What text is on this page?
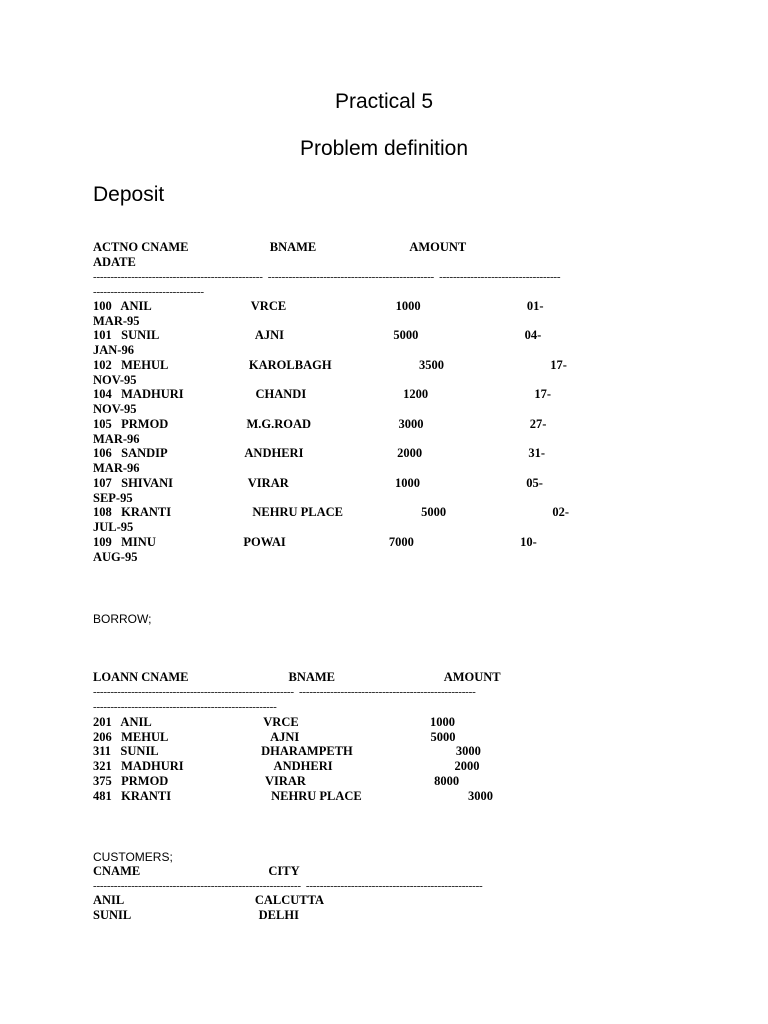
Practical 5
Problem definition
Deposit
ACTNO CNAME                          BNAME                              AMOUNT
ADATE
-------------------------------------------------  ------------------------------------------------  -----------------------------------
--------------------------------
100   ANIL                                VRCE                                   1000                                  01-
MAR-95
101   SUNIL                               AJNI                                   5000                                  04-
JAN-96
102   MEHUL                          KAROLBAGH                            3500                                  17-
NOV-95
104   MADHURI                       CHANDI                               1200                                  17-
NOV-95
105   PRMOD                         M.G.ROAD                            3000                                  27-
MAR-96
106   SANDIP                         ANDHERI                              2000                                  31-
MAR-96
107   SHIVANI                        VIRAR                                  1000                                  05-
SEP-95
108   KRANTI                          NEHRU PLACE                         5000                                  02-
JUL-95
109   MINU                            POWAI                                 7000                                  10-
AUG-95
BORROW;
LOANN CNAME                                BNAME                                   AMOUNT
----------------------------------------------------------  ---------------------------------------------------
-----------------------------------------------------
201   ANIL                                    VRCE                                          1000
206   MEHUL                                 AJNI                                          5000
311   SUNIL                                 DHARAMPETH                                 3000
321   MADHURI                             ANDHERI                                       2000
375   PRMOD                               VIRAR                                         8000
481   KRANTI                                NEHRU PLACE                                  3000
CUSTOMERS;
CNAME                                         CITY
------------------------------------------------------------  ---------------------------------------------------
ANIL                                          CALCUTTA
SUNIL                                         DELHI
